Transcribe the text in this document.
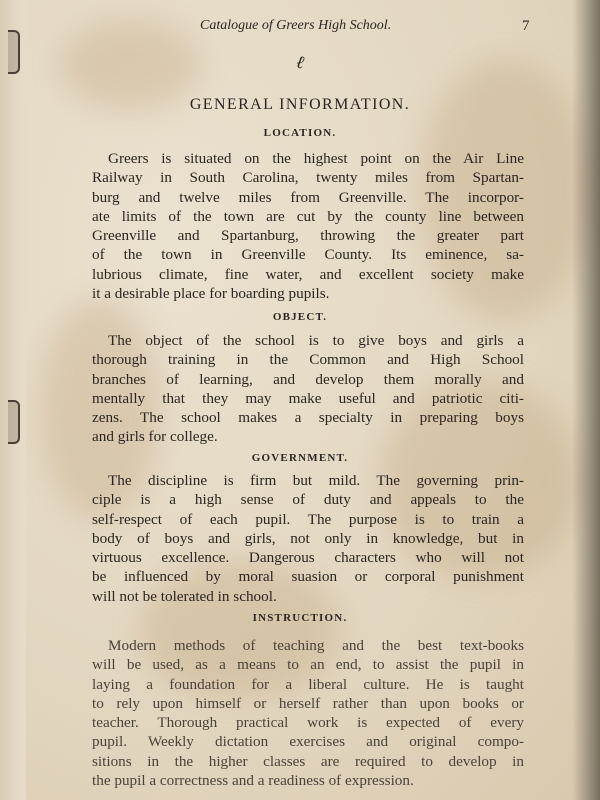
Catalogue of Greers High School.	7
ℓ
GENERAL INFORMATION.
LOCATION.
Greers is situated on the highest point on the Air Line
Railway in South Carolina, twenty miles from Spartan-
burg and twelve miles from Greenville. The incorpor-
ate limits of the town are cut by the county line between
Greenville and Spartanburg, throwing the greater part
of the town in Greenville County. Its eminence, sa-
lubrious climate, fine water, and excellent society make
it a desirable place for boarding pupils.
OBJECT.
The object of the school is to give boys and girls a
thorough training in the Common and High School
branches of learning, and develop them morally and
mentally that they may make useful and patriotic citi-
zens. The school makes a specialty in preparing boys
and girls for college.
GOVERNMENT.
The discipline is firm but mild. The governing prin-
ciple is a high sense of duty and appeals to the
self-respect of each pupil. The purpose is to train a
body of boys and girls, not only in knowledge, but in
virtuous excellence. Dangerous characters who will not
be influenced by moral suasion or corporal punishment
will not be tolerated in school.
INSTRUCTION.
Modern methods of teaching and the best text-books
will be used, as a means to an end, to assist the pupil in
laying a foundation for a liberal culture. He is taught
to rely upon himself or herself rather than upon books or
teacher. Thorough practical work is expected of every
pupil. Weekly dictation exercises and original compo-
sitions in the higher classes are required to develop in
the pupil a correctness and a readiness of expression.
